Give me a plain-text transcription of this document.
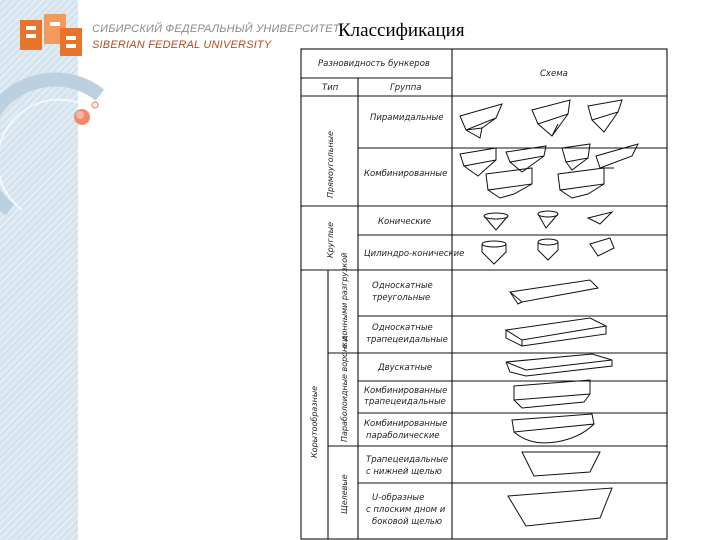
СИБИРСКИЙ ФЕДЕРАЛЬНЫЙ УНИВЕРСИТЕТ
SIBERIAN FEDERAL UNIVERSITY
Классификация
Разновидность бункеров
Тип	Группа
Схема
Прямоугольные
Круглые
Корытообразные
с донными разгрузкой
Параболоидные воронки
Щелевые
Пирамидальные
Комбинированные
Конические
Цилиндро-конические
Односкатные
треугольные
Односкатные
трапецеидальные
Двускатные
Комбинированные
трапецеидальные
Комбинированные
параболические
Трапецеидальные
с нижней щелью
U-образные
с плоским дном и
боковой щелью
